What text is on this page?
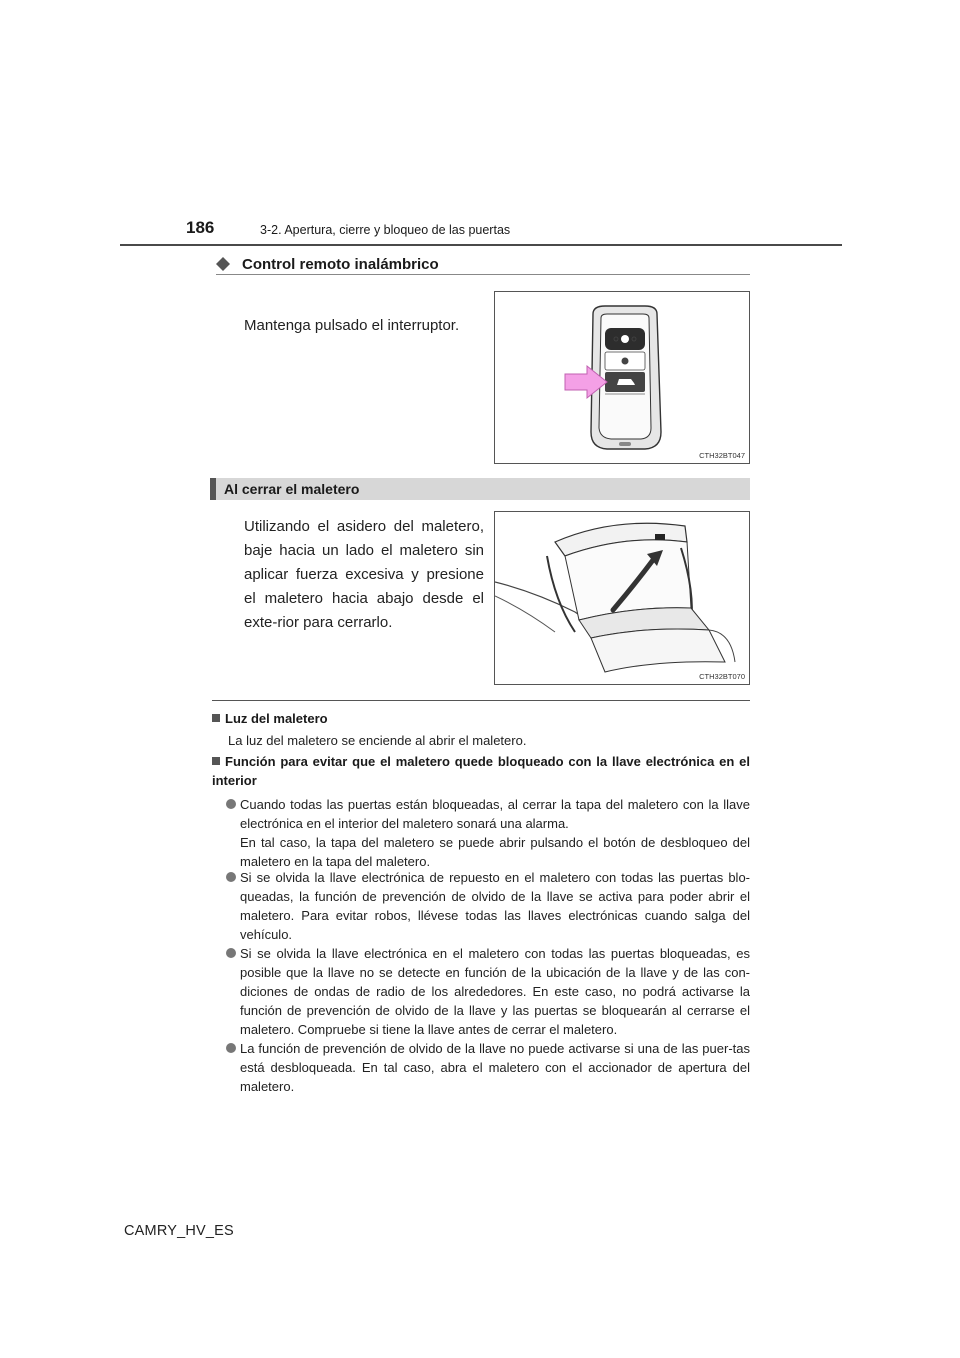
186	3-2. Apertura, cierre y bloqueo de las puertas
Control remoto inalámbrico

Mantenga pulsado el interruptor.

CTH32BT047
Al cerrar el maletero

Utilizando el asidero del maletero, baje hacia un lado el maletero sin aplicar fuerza excesiva y presione el maletero hacia abajo desde el exte-rior para cerrarlo.

CTH32BT070
Luz del maletero

La luz del maletero se enciende al abrir el maletero.

Función para evitar que el maletero quede bloqueado con la llave electrónica en el interior
Cuando todas las puertas están bloqueadas, al cerrar la tapa del maletero con la llave electrónica en el interior del maletero sonará una alarma.
En tal caso, la tapa del maletero se puede abrir pulsando el botón de desbloqueo del maletero en la tapa del maletero.
Si se olvida la llave electrónica de repuesto en el maletero con todas las puertas blo-queadas, la función de prevención de olvido de la llave se activa para poder abrir el maletero. Para evitar robos, llévese todas las llaves electrónicas cuando salga del vehículo.
Si se olvida la llave electrónica en el maletero con todas las puertas bloqueadas, es posible que la llave no se detecte en función de la ubicación de la llave y de las con-diciones de ondas de radio de los alrededores. En este caso, no podrá activarse la función de prevención de olvido de la llave y las puertas se bloquearán al cerrarse el maletero. Compruebe si tiene la llave antes de cerrar el maletero.
La función de prevención de olvido de la llave no puede activarse si una de las puer-tas está desbloqueada. En tal caso, abra el maletero con el accionador de apertura del maletero.
CAMRY_HV_ES
